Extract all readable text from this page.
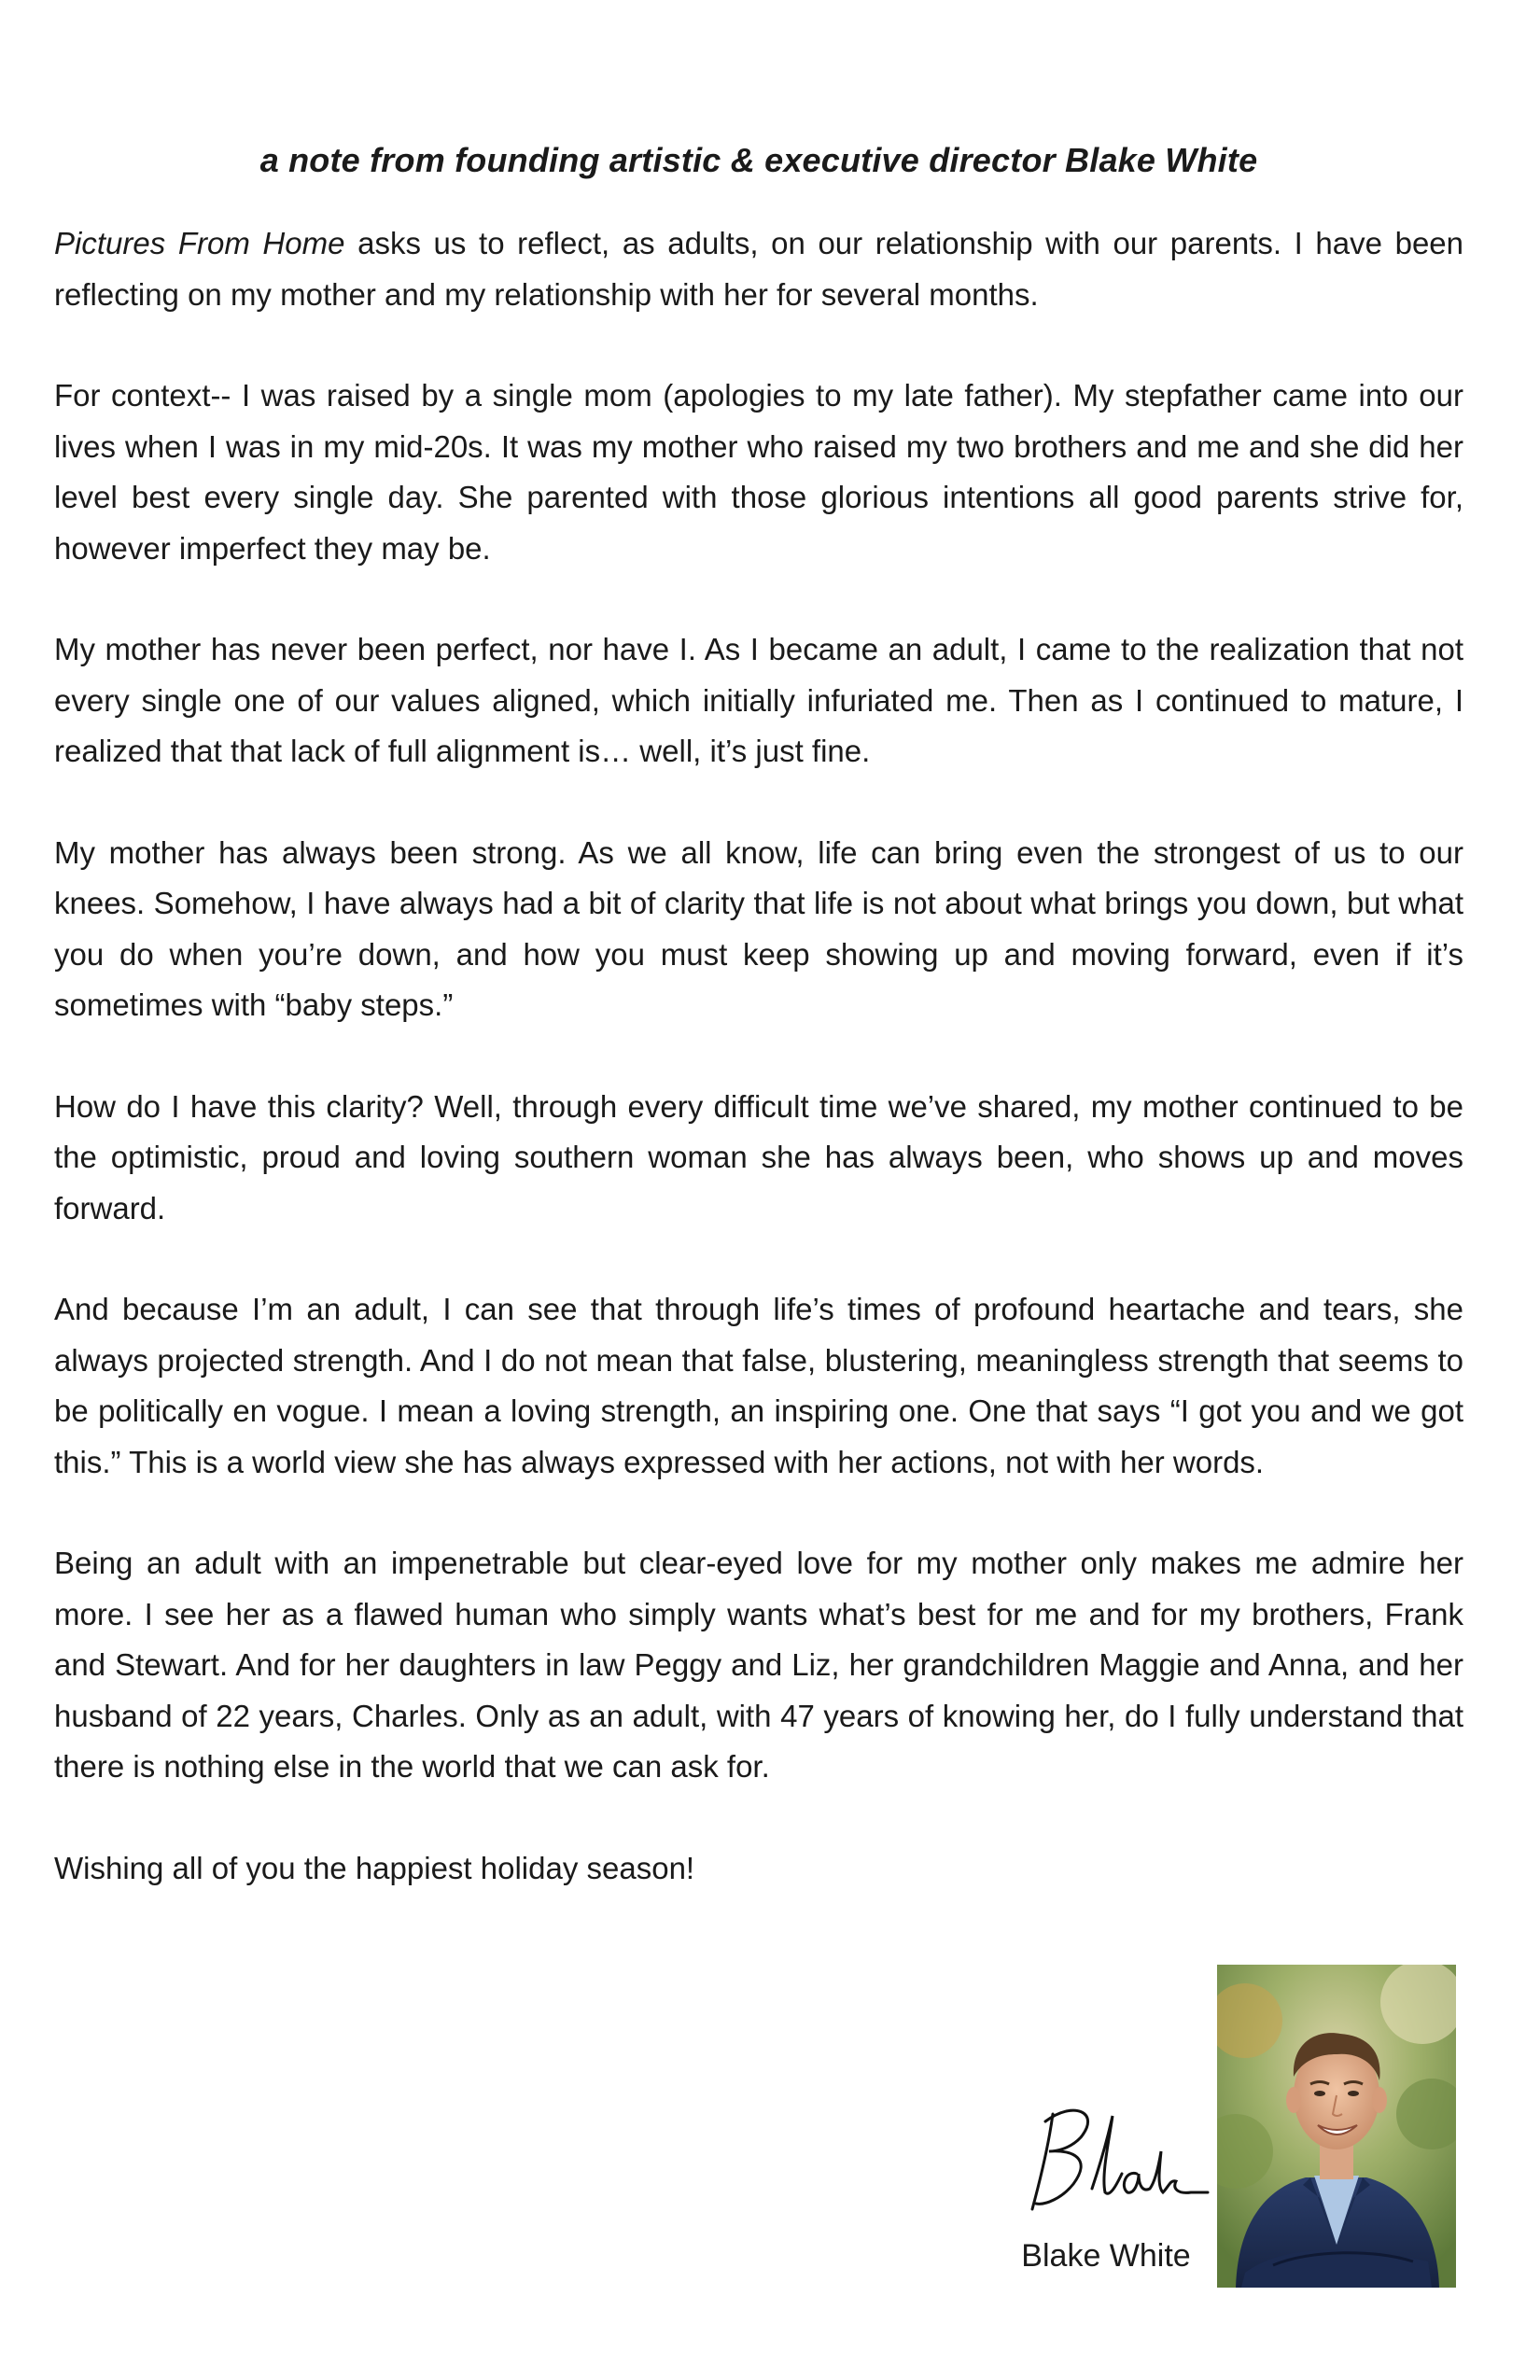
a note from founding artistic & executive director Blake White

Pictures From Home asks us to reflect, as adults, on our relationship with our parents. I have been reflecting on my mother and my relationship with her for several months.

For context-- I was raised by a single mom (apologies to my late father). My stepfather came into our lives when I was in my mid-20s. It was my mother who raised my two brothers and me and she did her level best every single day. She parented with those glorious intentions all good parents strive for, however imperfect they may be.

My mother has never been perfect, nor have I. As I became an adult, I came to the realization that not every single one of our values aligned, which initially infuriated me. Then as I continued to mature, I realized that that lack of full alignment is… well, it’s just fine.

My mother has always been strong. As we all know, life can bring even the strongest of us to our knees. Somehow, I have always had a bit of clarity that life is not about what brings you down, but what you do when you’re down, and how you must keep showing up and moving forward, even if it’s sometimes with “baby steps.”

How do I have this clarity? Well, through every difficult time we’ve shared, my mother continued to be the optimistic, proud and loving southern woman she has always been, who shows up and moves forward.

And because I’m an adult, I can see that through life’s times of profound heartache and tears, she always projected strength. And I do not mean that false, blustering, meaningless strength that seems to be politically en vogue. I mean a loving strength, an inspiring one. One that says “I got you and we got this.” This is a world view she has always expressed with her actions, not with her words.

Being an adult with an impenetrable but clear-eyed love for my mother only makes me admire her more. I see her as a flawed human who simply wants what’s best for me and for my brothers, Frank and Stewart. And for her daughters in law Peggy and Liz, her grandchildren Maggie and Anna, and her husband of 22 years, Charles. Only as an adult, with 47 years of knowing her, do I fully understand that there is nothing else in the world that we can ask for.

Wishing all of you the happiest holiday season!

Blake White
